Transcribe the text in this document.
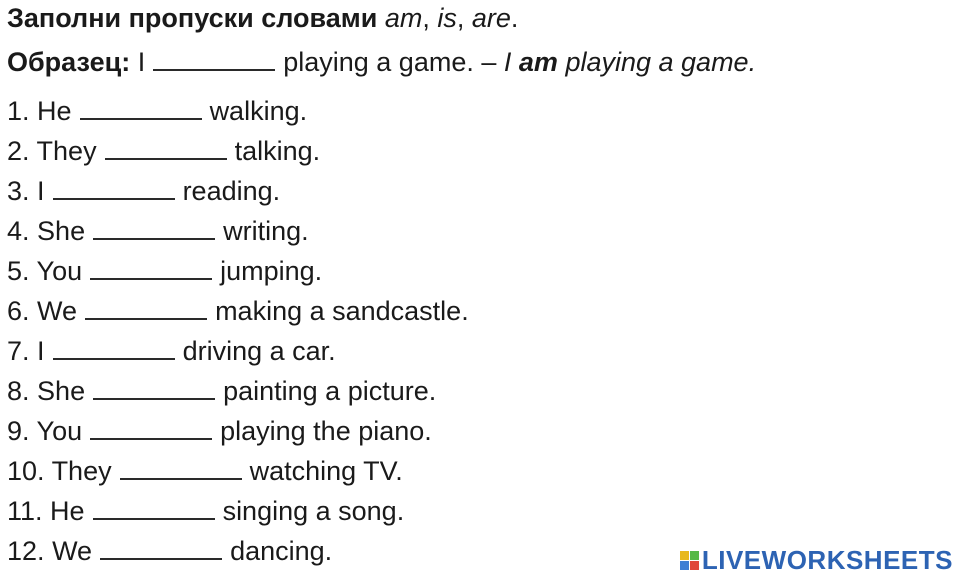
Заполни пропуски словами am, is, are.
Образец: I	playing a game. – I am playing a game.
1. He	walking.
2. They	talking.
3. I	reading.
4. She	writing.
5. You	jumping.
6. We	making a sandcastle.
7. I	driving a car.
8. She	painting a picture.
9. You	playing the piano.
10. They	watching TV.
11. He	singing a song.
12. We	dancing.	LIVEWORKSHEETS
